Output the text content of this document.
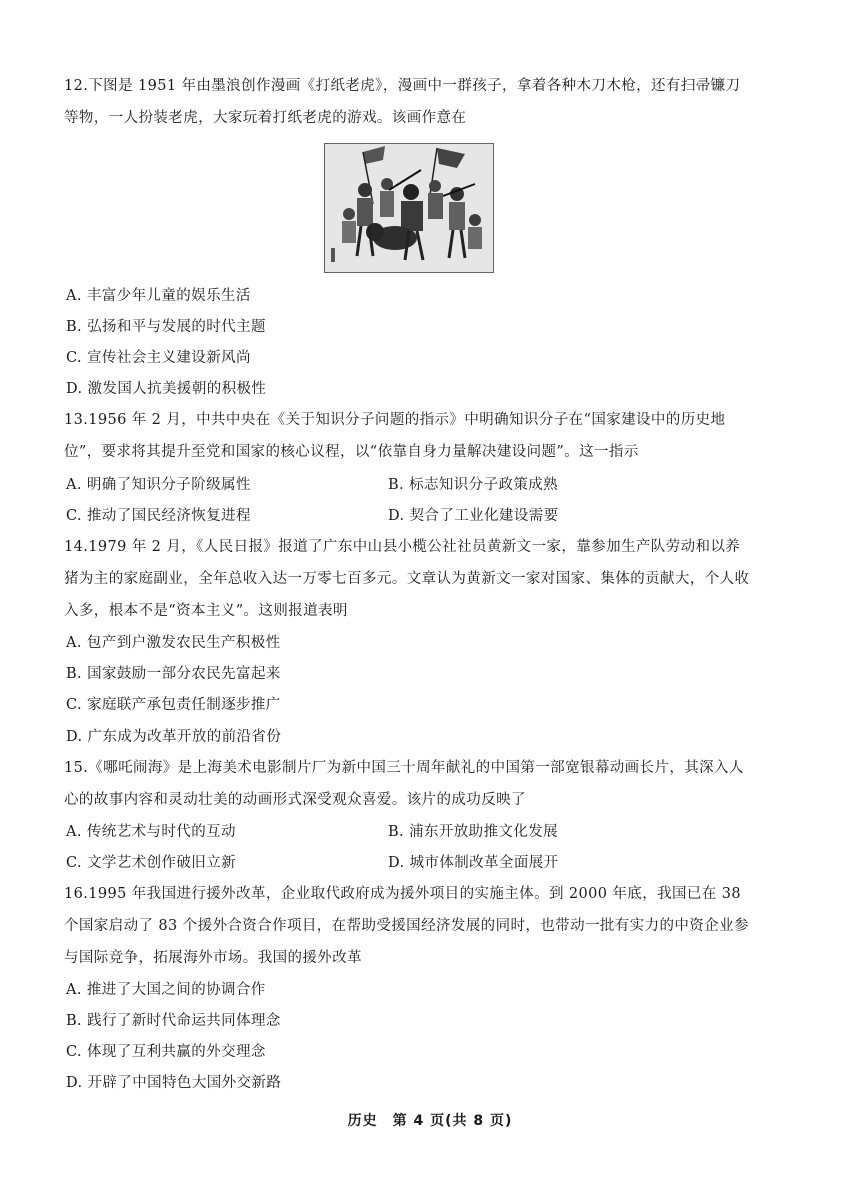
12.下图是 1951 年由墨浪创作漫画《打纸老虎》，漫画中一群孩子，拿着各种木刀木枪，还有扫帚镰刀等物，一人扮装老虎，大家玩着打纸老虎的游戏。该画作意在
A. 丰富少年儿童的娱乐生活
B. 弘扬和平与发展的时代主题
C. 宣传社会主义建设新风尚
D. 激发国人抗美援朝的积极性
13.1956 年 2 月，中共中央在《关于知识分子问题的指示》中明确知识分子在“国家建设中的历史地位”，要求将其提升至党和国家的核心议程，以“依靠自身力量解决建设问题”。这一指示
A. 明确了知识分子阶级属性	B. 标志知识分子政策成熟
C. 推动了国民经济恢复进程	D. 契合了工业化建设需要
14.1979 年 2 月，《人民日报》报道了广东中山县小榄公社社员黄新文一家，靠参加生产队劳动和以养猪为主的家庭副业，全年总收入达一万零七百多元。文章认为黄新文一家对国家、集体的贡献大，个人收入多，根本不是“资本主义”。这则报道表明
A. 包产到户激发农民生产积极性
B. 国家鼓励一部分农民先富起来
C. 家庭联产承包责任制逐步推广
D. 广东成为改革开放的前沿省份
15.《哪吒闹海》是上海美术电影制片厂为新中国三十周年献礼的中国第一部宽银幕动画长片，其深入人心的故事内容和灵动壮美的动画形式深受观众喜爱。该片的成功反映了
A. 传统艺术与时代的互动	B. 浦东开放助推文化发展
C. 文学艺术创作破旧立新	D. 城市体制改革全面展开
16.1995 年我国进行援外改革，企业取代政府成为援外项目的实施主体。到 2000 年底，我国已在 38 个国家启动了 83 个援外合资合作项目，在帮助受援国经济发展的同时，也带动一批有实力的中资企业参与国际竞争，拓展海外市场。我国的援外改革
A. 推进了大国之间的协调合作
B. 践行了新时代命运共同体理念
C. 体现了互利共赢的外交理念
D. 开辟了中国特色大国外交新路
历史　第 4 页(共 8 页)
